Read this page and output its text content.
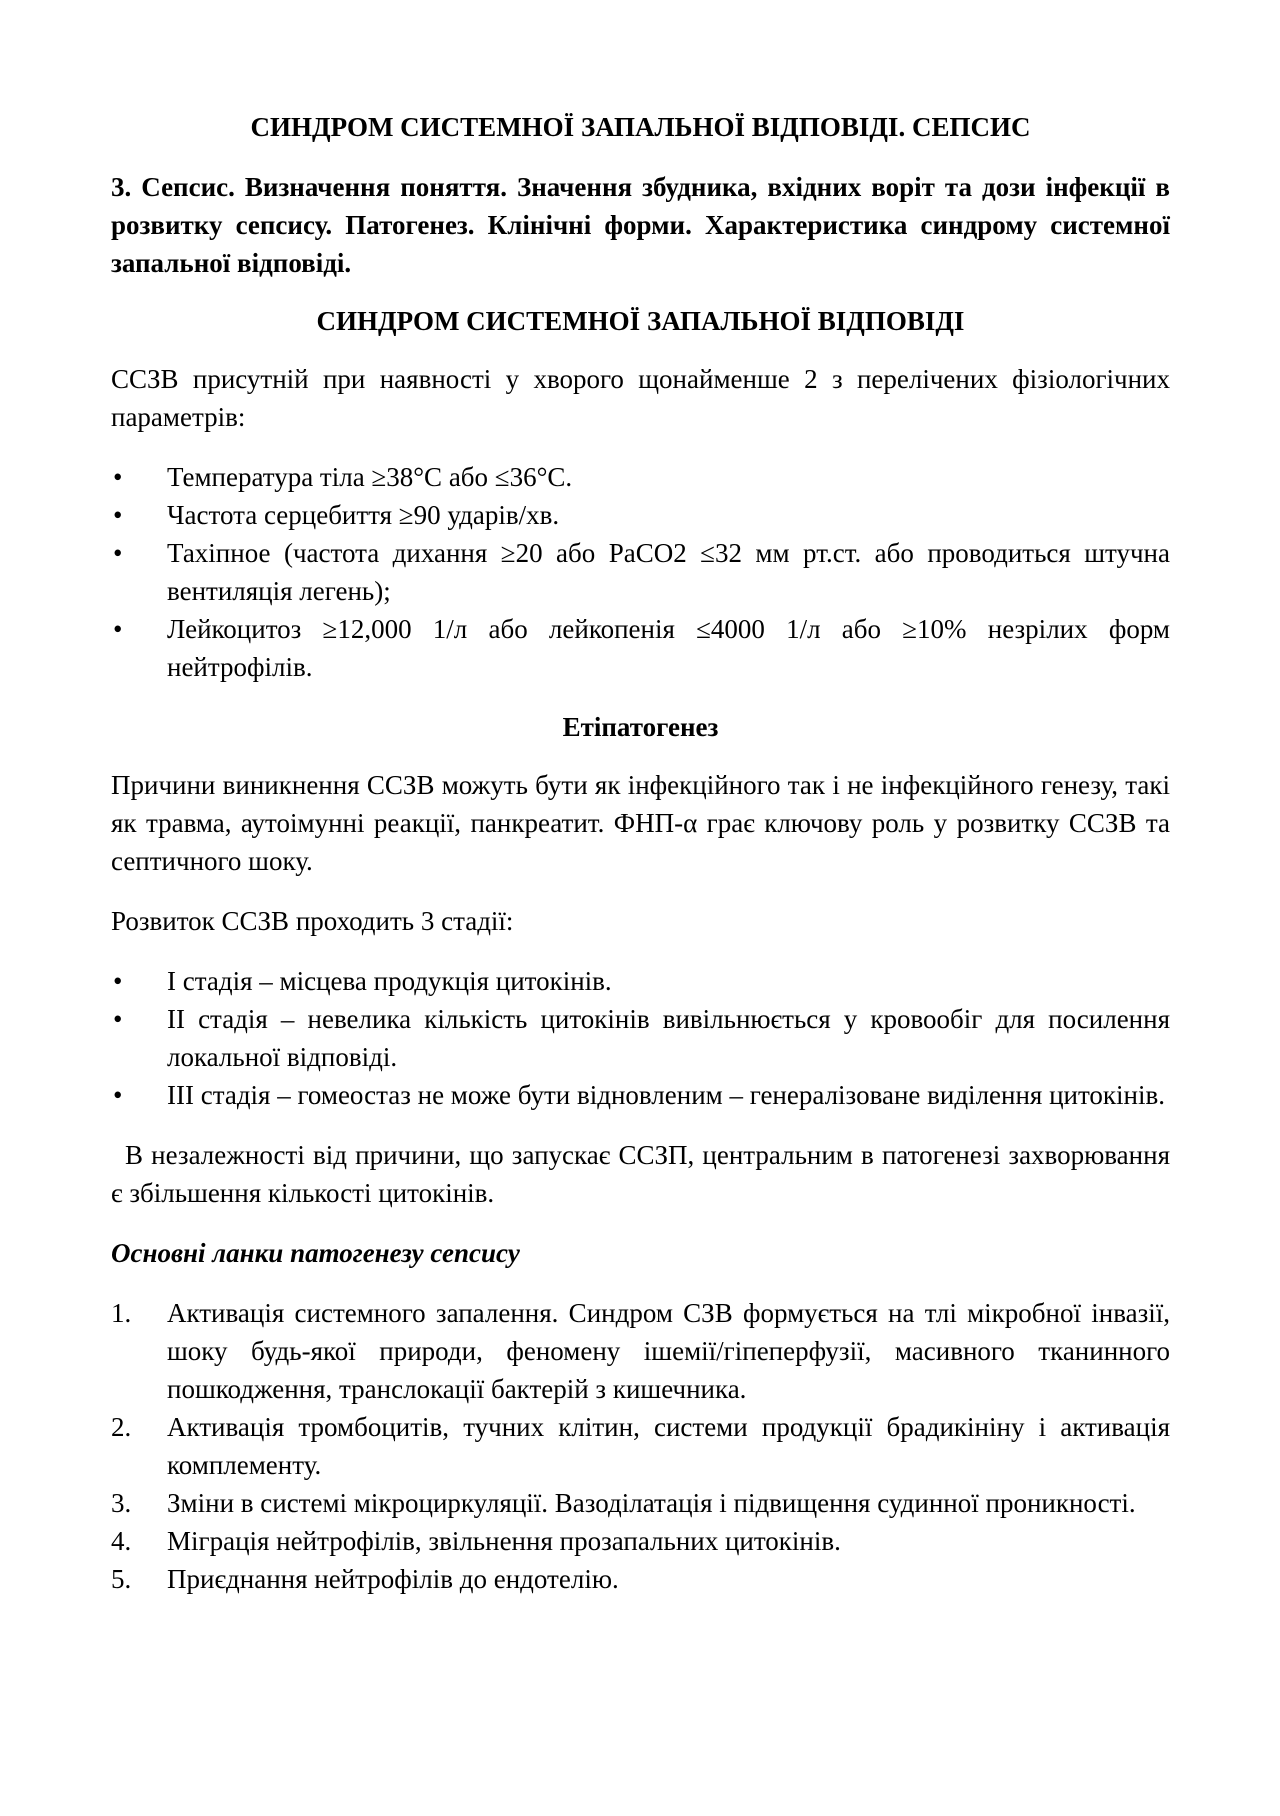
СИНДРОМ СИСТЕМНОЇ ЗАПАЛЬНОЇ ВІДПОВІДІ. СЕПСИС
3. Сепсис. Визначення поняття. Значення збудника, вхідних воріт та дози інфекції в розвитку сепсису. Патогенез. Клінічні форми. Характеристика синдрому системної запальної відповіді.
СИНДРОМ СИСТЕМНОЇ ЗАПАЛЬНОЇ ВІДПОВІДІ
ССЗВ присутній при наявності у хворого щонайменше 2 з перелічених фізіологічних параметрів:
• Температура тіла ≥38°С або ≤36°С.
• Частота серцебиття ≥90 ударів/хв.
• Тахіпное (частота дихання ≥20 або PaCO2 ≤32 мм рт.ст. або проводиться штучна вентиляція легень);
• Лейкоцитоз ≥12,000 1/л або лейкопенія ≤4000 1/л або ≥10% незрілих форм нейтрофілів.
Етіпатогенез
Причини виникнення ССЗВ можуть бути як інфекційного так і не інфекційного генезу, такі як травма, аутоімунні реакції, панкреатит. ФНП-α грає ключову роль у розвитку ССЗВ та септичного шоку.
Розвиток ССЗВ проходить 3 стадії:
• I стадія – місцева продукція цитокінів.
• II стадія – невелика кількість цитокінів вивільнюється у кровообіг для посилення локальної відповіді.
• III стадія – гомеостаз не може бути відновленим – генералізоване виділення цитокінів.
В незалежності від причини, що запускає ССЗП, центральним в патогенезі захворювання є збільшення кількості цитокінів.
Основні ланки патогенезу сепсису
1. Активація системного запалення. Синдром СЗВ формується на тлі мікробної інвазії, шоку будь-якої природи, феномену ішемії/гіпеперфузії, масивного тканинного пошкодження, транслокації бактерій з кишечника.
2. Активація тромбоцитів, тучних клітин, системи продукції брадикініну і активація комплементу.
3. Зміни в системі мікроциркуляції. Вазоділатація і підвищення судинної проникності.
4. Міграція нейтрофілів, звільнення прозапальних цитокінів.
5. Приєднання нейтрофілів до ендотелію.
